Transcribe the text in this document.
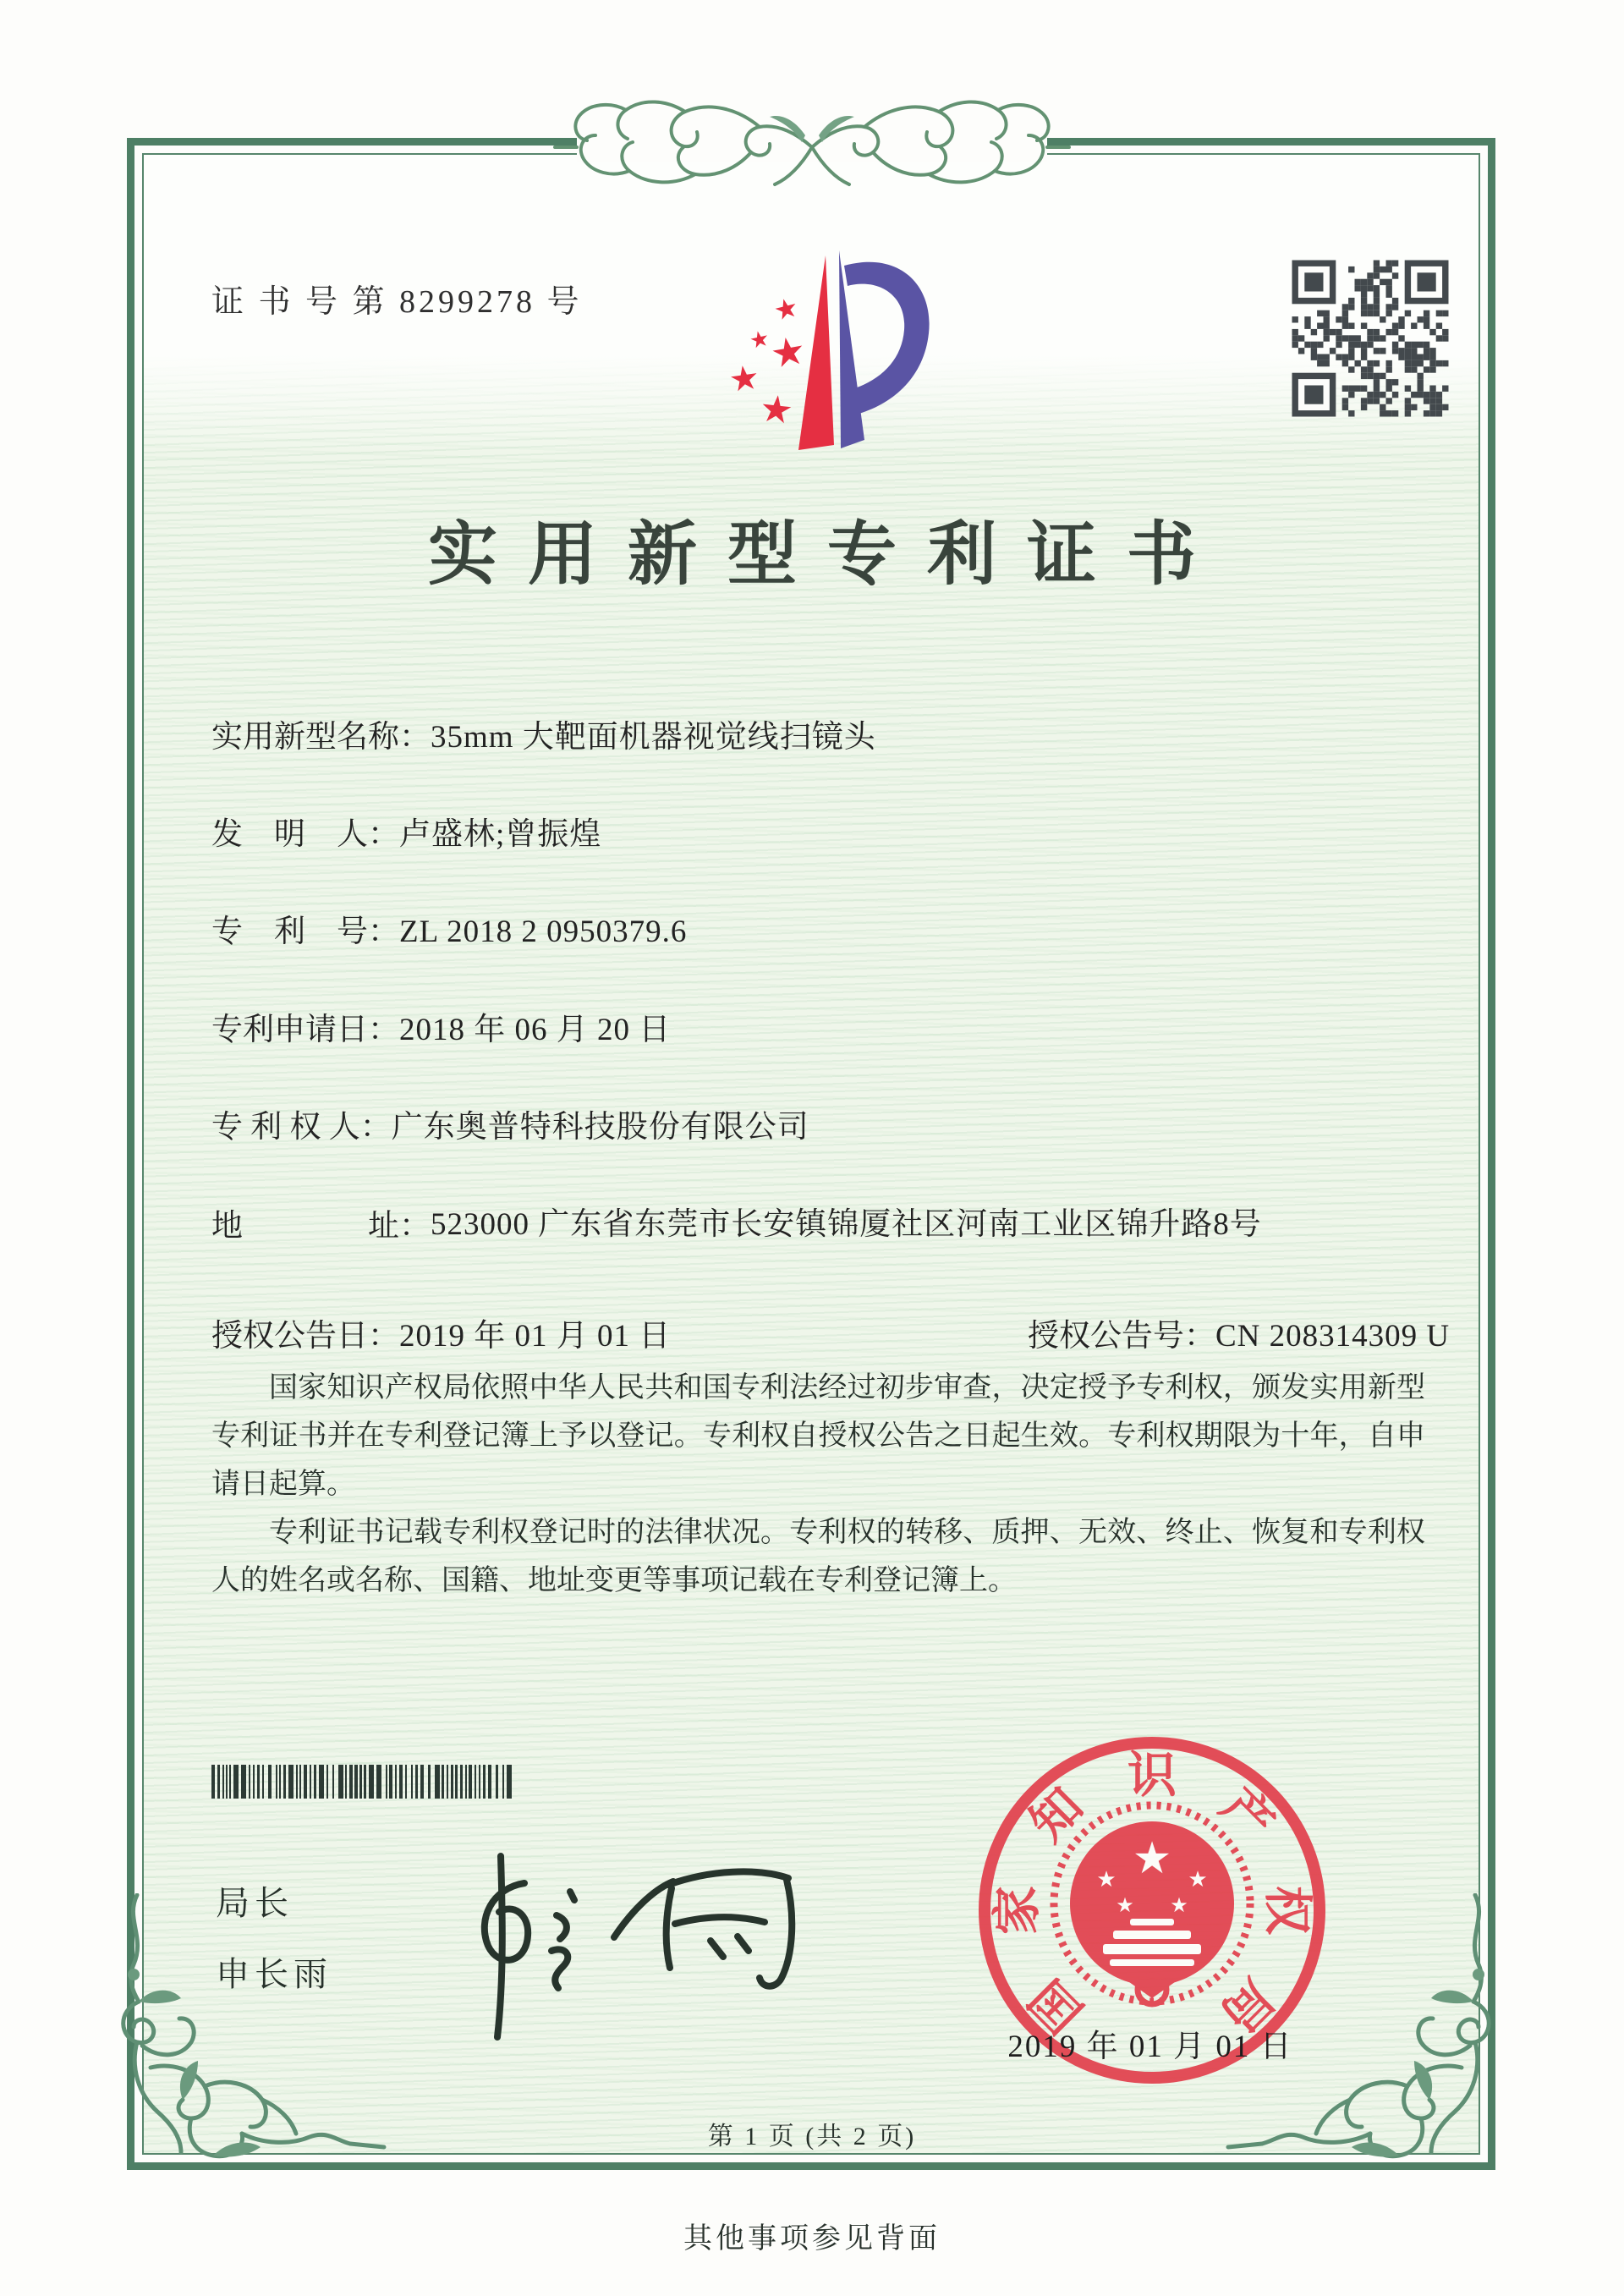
证 书 号 第 8299278 号	★
★
★
★
★
实用新型专利证书
实用新型名称：35mm 大靶面机器视觉线扫镜头
发　明　人：卢盛林;曾振煌
专　利　号：ZL 2018 2 0950379.6
专利申请日：2018 年 06 月 20 日
专 利 权 人：广东奥普特科技股份有限公司
地　　　　址：523000 广东省东莞市长安镇锦厦社区河南工业区锦升路8号
授权公告日：2019 年 01 月 01 日	授权公告号：CN 208314309 U

国家知识产权局依照中华人民共和国专利法经过初步审查，决定授予专利权，颁发实用新型专利证书并在专利登记簿上予以登记。专利权自授权公告之日起生效。专利权期限为十年，自申请日起算。

专利证书记载专利权登记时的法律状况。专利权的转移、质押、无效、终止、恢复和专利权人的姓名或名称、国籍、地址变更等事项记载在专利登记簿上。

局长
申长雨
★
★	★
★ ★
国
家
知
识
产
权
局
2019 年 01 月 01 日
第 1 页 (共 2 页)
其他事项参见背面
